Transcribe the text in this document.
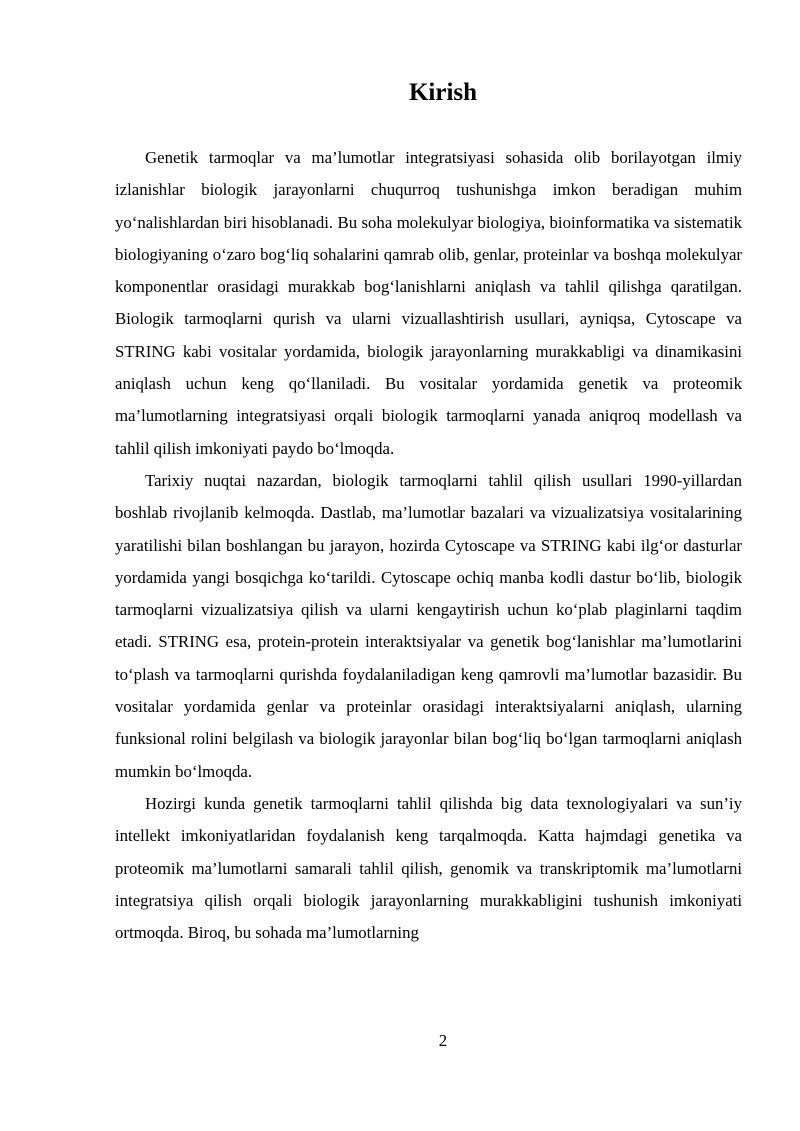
Kirish

Genetik tarmoqlar va ma’lumotlar integratsiyasi sohasida olib borilayotgan ilmiy izlanishlar biologik jarayonlarni chuqurroq tushunishga imkon beradigan muhim yo‘nalishlardan biri hisoblanadi. Bu soha molekulyar biologiya, bioinformatika va sistematik biologiyaning o‘zaro bog‘liq sohalarini qamrab olib, genlar, proteinlar va boshqa molekulyar komponentlar orasidagi murakkab bog‘lanishlarni aniqlash va tahlil qilishga qaratilgan. Biologik tarmoqlarni qurish va ularni vizuallashtirish usullari, ayniqsa, Cytoscape va STRING kabi vositalar yordamida, biologik jarayonlarning murakkabligi va dinamikasini aniqlash uchun keng qo‘llaniladi. Bu vositalar yordamida genetik va proteomik ma’lumotlarning integratsiyasi orqali biologik tarmoqlarni yanada aniqroq modellash va tahlil qilish imkoniyati paydo bo‘lmoqda.

Tarixiy nuqtai nazardan, biologik tarmoqlarni tahlil qilish usullari 1990-yillardan boshlab rivojlanib kelmoqda. Dastlab, ma’lumotlar bazalari va vizualizatsiya vositalarining yaratilishi bilan boshlangan bu jarayon, hozirda Cytoscape va STRING kabi ilg‘or dasturlar yordamida yangi bosqichga ko‘tarildi. Cytoscape ochiq manba kodli dastur bo‘lib, biologik tarmoqlarni vizualizatsiya qilish va ularni kengaytirish uchun ko‘plab plaginlarni taqdim etadi. STRING esa, protein-protein interaktsiyalar va genetik bog‘lanishlar ma’lumotlarini to‘plash va tarmoqlarni qurishda foydalaniladigan keng qamrovli ma’lumotlar bazasidir. Bu vositalar yordamida genlar va proteinlar orasidagi interaktsiyalarni aniqlash, ularning funksional rolini belgilash va biologik jarayonlar bilan bog‘liq bo‘lgan tarmoqlarni aniqlash mumkin bo‘lmoqda.

Hozirgi kunda genetik tarmoqlarni tahlil qilishda big data texnologiyalari va sun’iy intellekt imkoniyatlaridan foydalanish keng tarqalmoqda. Katta hajmdagi genetika va proteomik ma’lumotlarni samarali tahlil qilish, genomik va transkriptomik ma’lumotlarni integratsiya qilish orqali biologik jarayonlarning murakkabligini tushunish imkoniyati ortmoqda. Biroq, bu sohada ma’lumotlarning

2
